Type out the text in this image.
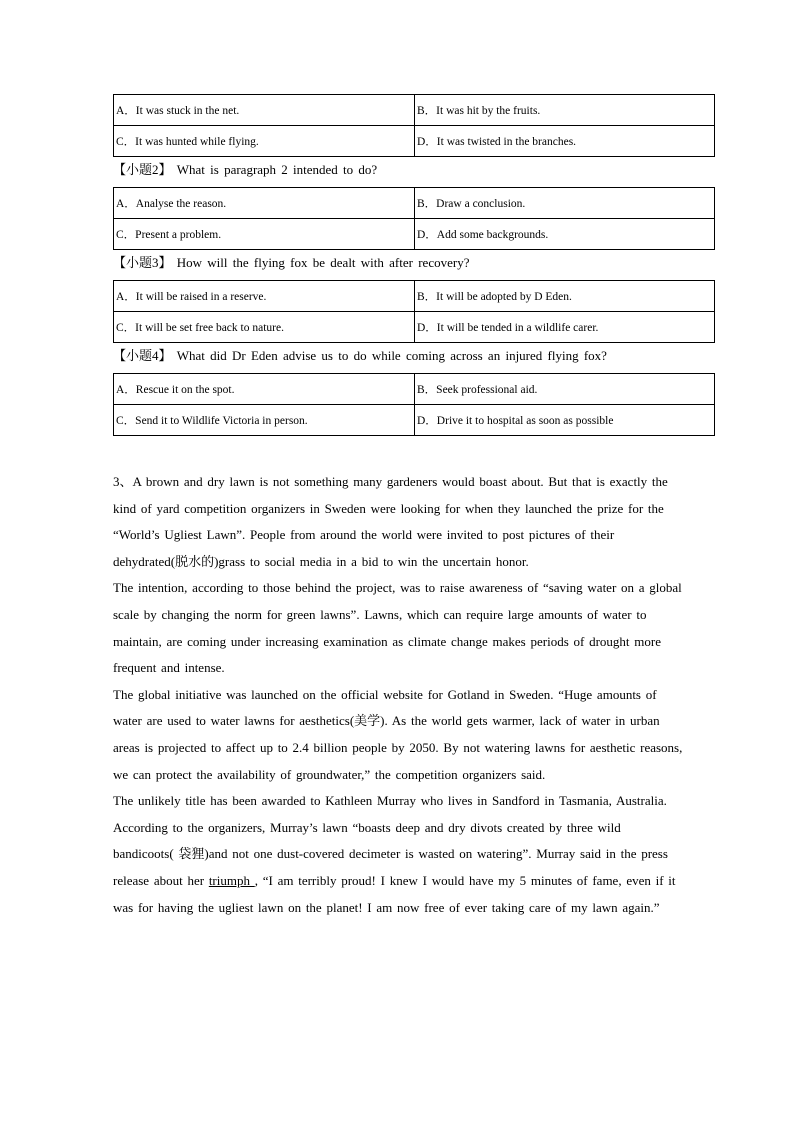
A．It was stuck in the net.	B．It was hit by the fruits.
C．It was hunted while flying.	D．It was twisted in the branches.
【小题2】 What is paragraph 2 intended to do?
A．Analyse the reason.	B．Draw a conclusion.
C．Present a problem.	D．Add some backgrounds.
【小题3】 How will the flying fox be dealt with after recovery?
A．It will be raised in a reserve.	B．It will be adopted by D Eden.
C．It will be set free back to nature.	D．It will be tended in a wildlife carer.
【小题4】 What did Dr Eden advise us to do while coming across an injured flying fox?
A．Rescue it on the spot.	B．Seek professional aid.
C．Send it to Wildlife Victoria in person.	D．Drive it to hospital as soon as possible

3、A brown and dry lawn is not something many gardeners would boast about. But that is exactly the kind of yard competition organizers in Sweden were looking for when they launched the prize for the “World’s Ugliest Lawn”. People from around the world were invited to post pictures of their dehydrated(脱水的)grass to social media in a bid to win the uncertain honor.

The intention, according to those behind the project, was to raise awareness of “saving water on a global scale by changing the norm for green lawns”. Lawns, which can require large amounts of water to maintain, are coming under increasing examination as climate change makes periods of drought more frequent and intense.

The global initiative was launched on the official website for Gotland in Sweden. “Huge amounts of water are used to water lawns for aesthetics(美学). As the world gets warmer, lack of water in urban areas is projected to affect up to 2.4 billion people by 2050. By not watering lawns for aesthetic reasons, we can protect the availability of groundwater,” the competition organizers said.

The unlikely title has been awarded to Kathleen Murray who lives in Sandford in Tasmania, Australia. According to the organizers, Murray’s lawn “boasts deep and dry divots created by three wild bandicoots( 袋狸)and not one dust-covered decimeter is wasted on watering”. Murray said in the press release about her triumph , “I am terribly proud! I knew I would have my 5 minutes of fame, even if it was for having the ugliest lawn on the planet! I am now free of ever taking care of my lawn again.”
